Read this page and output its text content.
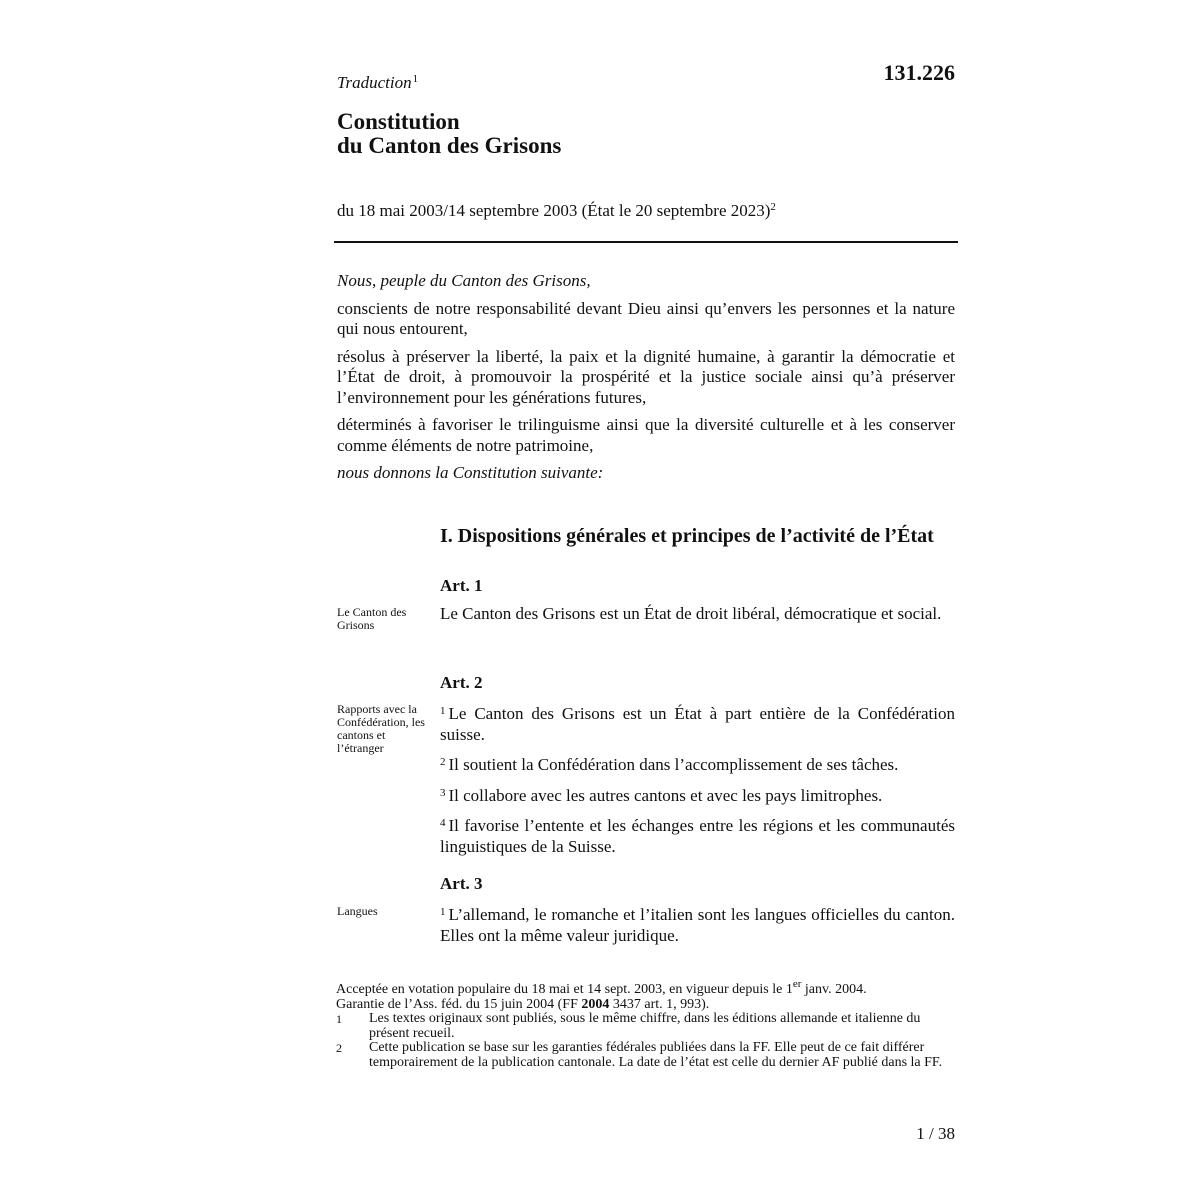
Traduction$^1$	131.226
Constitution
du Canton des Grisons
du 18 mai 2003/14 septembre 2003 (État le 20 septembre 2023)$^2$

Nous, peuple du Canton des Grisons,

conscients de notre responsabilité devant Dieu ainsi qu’envers les personnes et la nature qui nous entourent,

résolus à préserver la liberté, la paix et la dignité humaine, à garantir la démocratie et l’État de droit, à promouvoir la prospérité et la justice sociale ainsi qu’à préserver l’environnement pour les générations futures,

déterminés à favoriser le trilinguisme ainsi que la diversité culturelle et à les conserver comme éléments de notre patrimoine,

nous donnons la Constitution suivante:

I. Dispositions générales et principes de l’activité de l’État
Art. 1
Le Canton des Grisons

Le Canton des Grisons est un État de droit libéral, démocratique et social.

Art. 2
Rapports avec la Confédération, les cantons et l’étranger

$^1$ Le Canton des Grisons est un État à part entière de la Confédération suisse.

$^2$ Il soutient la Confédération dans l’accomplissement de ses tâches.

$^3$ Il collabore avec les autres cantons et avec les pays limitrophes.

$^4$ Il favorise l’entente et les échanges entre les régions et les communautés linguistiques de la Suisse.

Art. 3
Langues	$^1$ L’allemand, le romanche et l’italien sont les langues officielles du canton. Elles ont la même valeur juridique.

Acceptée en votation populaire du 18 mai et 14 sept. 2003, en vigueur depuis le 1er janv. 2004.

Garantie de l’Ass. féd. du 15 juin 2004 (FF 2004 3437 art. 1, 993).

1	Les textes originaux sont publiés, sous le même chiffre, dans les éditions allemande et italienne du présent recueil.
2	Cette publication se base sur les garanties fédérales publiées dans la FF. Elle peut de ce fait différer temporairement de la publication cantonale. La date de l’état est celle du dernier AF publié dans la FF.
1 / 38
